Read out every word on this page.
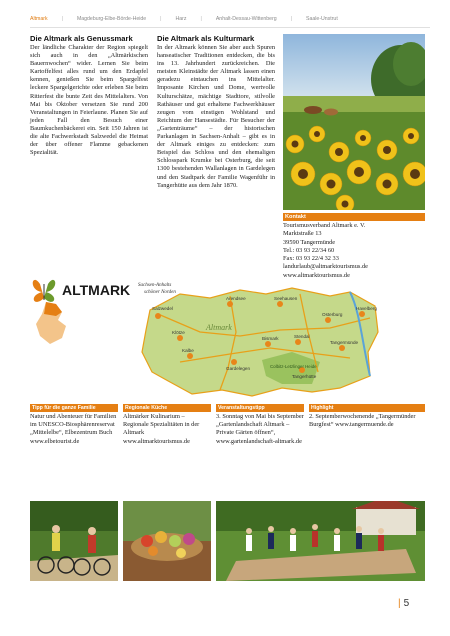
Altmark	|	Magdeburg-Elbe-Börde-Heide	|	Harz	|	Anhalt-Dessau-Wittenberg	|	Saale-Unstrut
Die Altmark als Genussmark

Der ländliche Charakter der Region spiegelt sich auch in den „Altmärkischen Bauernwochen“ wider. Lernen Sie beim Kartoffelfest alles rund um den Erdapfel kennen, genießen Sie beim Spargelfest leckere Spargelgerichte oder erleben Sie beim Ritterfest die bunte Zeit des Mittelalters. Von Mai bis Oktober versetzen Sie rund 200 Veranstaltungen in Feierlaune. Planen Sie auf jeden Fall den Besuch einer Baumkuchenbäckerei ein. Seit 150 Jahren ist die alte Fachwerkstadt Salzwedel die Heimat der über offener Flamme gebackenen Spezialität.

Die Altmark als Kulturmark

In der Altmark können Sie aber auch Spuren hanseatischer Traditionen entdecken, die bis ins 13. Jahrhundert zurückreichen. Die meisten Kleinstädte der Altmark lassen einen geradezu eintauchen ins Mittelalter. Imposante Kirchen und Dome, wertvolle Kulturschätze, mächtige Stadttore, stilvolle Rathäuser und gut erhaltene Fachwerkhäuser zeugen vom einstigen Wohlstand und Reichtum der Hansestädte. Für Besucher der „Gartenträume“ – der historischen Parkanlagen in Sachsen-Anhalt – gibt es in der Altmark einiges zu entdecken: zum Beispiel das Schloss und den ehemaligen Schlosspark Krumke bei Osterburg, die seit 1300 bestehenden Wallanlagen in Gardelegen und den Stadtpark der Familie Wagenführ in Tangerhütte aus dem Jahr 1870.

Kontakt
Tourismusverband Altmark e. V.
Marktstraße 13
39590 Tangermünde
Tel.: 03 93 22/34 60
Fax: 03 93 22/4 32 33
landurlaub@altmarktourismus.de
www.altmarktourismus.de
Salzwedel
Arendsee	Seehausen
Osterburg
Stendal
Tangermünde
Gardelegen
Kalbe
Klötze
Bismark
Tangerhütte
Havelberg
Altmark
Colbitz-Letzlinger Heide
ALTMARK Sachsen-Anhalts
schöner Norden
Tipp für die ganze Familie
Natur und Abenteuer für Familien im UNESCO-Biosphärenreservat „Mittelelbe“, Elbezentrum Buch www.elbetourist.de
Regionale Küche
Altmärker Kulinarium – Regionale Spezialitäten in der Altmark www.altmarktourismus.de
Veranstaltungstipp
3. Sonntag von Mai bis September „Gartenlandschaft Altmark – Private Gärten öffnen“, www.gartenlandschaft-altmark.de
Highlight
2. Septemberwochenende „Tangermünder Burgfest“ www.tangermuende.de
| 5
